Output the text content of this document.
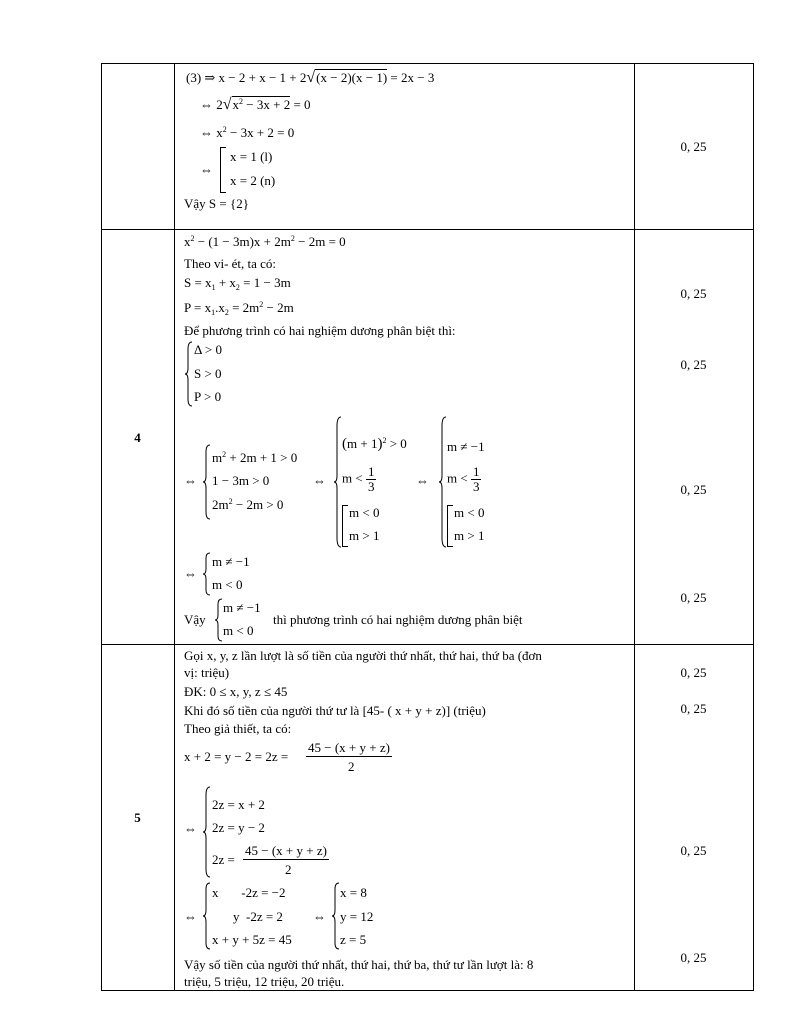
0, 25
(3) ⇒ x − 2 + x − 1 + 2√(x − 2)(x − 1) = 2x − 3
⇔ $2√x^2 - 3x + 2 = 0$
⇔ $x^2 - 3x + 2 = 0$
⇔
x = 1 (l)
x = 2 (n)
Vậy S = {2}
4
0, 25
0, 25
0, 25
0, 25
$x^2 - (1 - 3m)x + 2m^2 - 2m = 0$
Theo vi- ét, ta có:
$S = x_1 + x_2 = 1 - 3m$
$P = x_1.x_2 = 2m^2 - 2m$
Để phương trình có hai nghiệm dương phân biệt thì:
Δ > 0
S > 0
P > 0
⇔
$m^2 + 2m + 1 > 0$
1 − 3m > 0
$2m^2 - 2m > 0$
⇔
$(m + 1)^2 > 0$
$m < \frac{1}{3}$
m < 0
m > 1
⇔
m ≠ −1
$m < \frac{1}{3}$
m < 0
m > 1
⇔
m ≠ −1
m < 0
Vậy
m ≠ −1
m < 0
thì phương trình có hai nghiệm dương phân biệt
5
0, 25
0, 25
0, 25
0, 25
Gọi x, y, z lần lượt là số tiền của người thứ nhất, thứ hai, thứ ba (đơn
vị: triệu)
ĐK: 0 ≤ x, y, z ≤ 45
Khi đó số tiền của người thứ tư là [45- ( x + y + z)] (triệu)
Theo giả thiết, ta có:
x + 2 = y − 2 = 2z =
45 − (x + y + z)
2
⇔
2z = x + 2
2z = y − 2
2z =
45 − (x + y + z)
2
⇔
x       -2z = −2
y  -2z = 2
x + y + 5z = 45
⇔
x = 8
y = 12
z = 5
Vậy số tiền của người thứ nhất, thứ hai, thứ ba, thứ tư lần lượt là: 8
triệu, 5 triệu, 12 triệu, 20 triệu.
